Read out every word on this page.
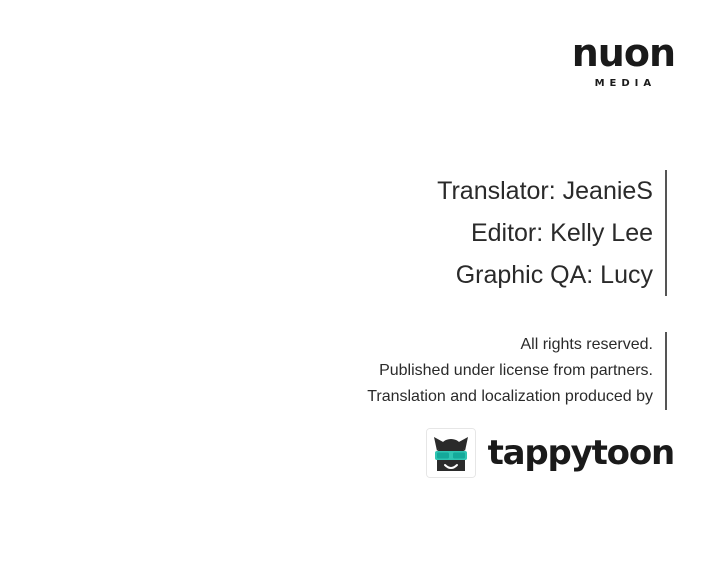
nuon
MEDIA
Translator: JeanieS
Editor: Kelly Lee
Graphic QA: Lucy
All rights reserved.
Published under license from partners.
Translation and localization produced by
tappytoon
